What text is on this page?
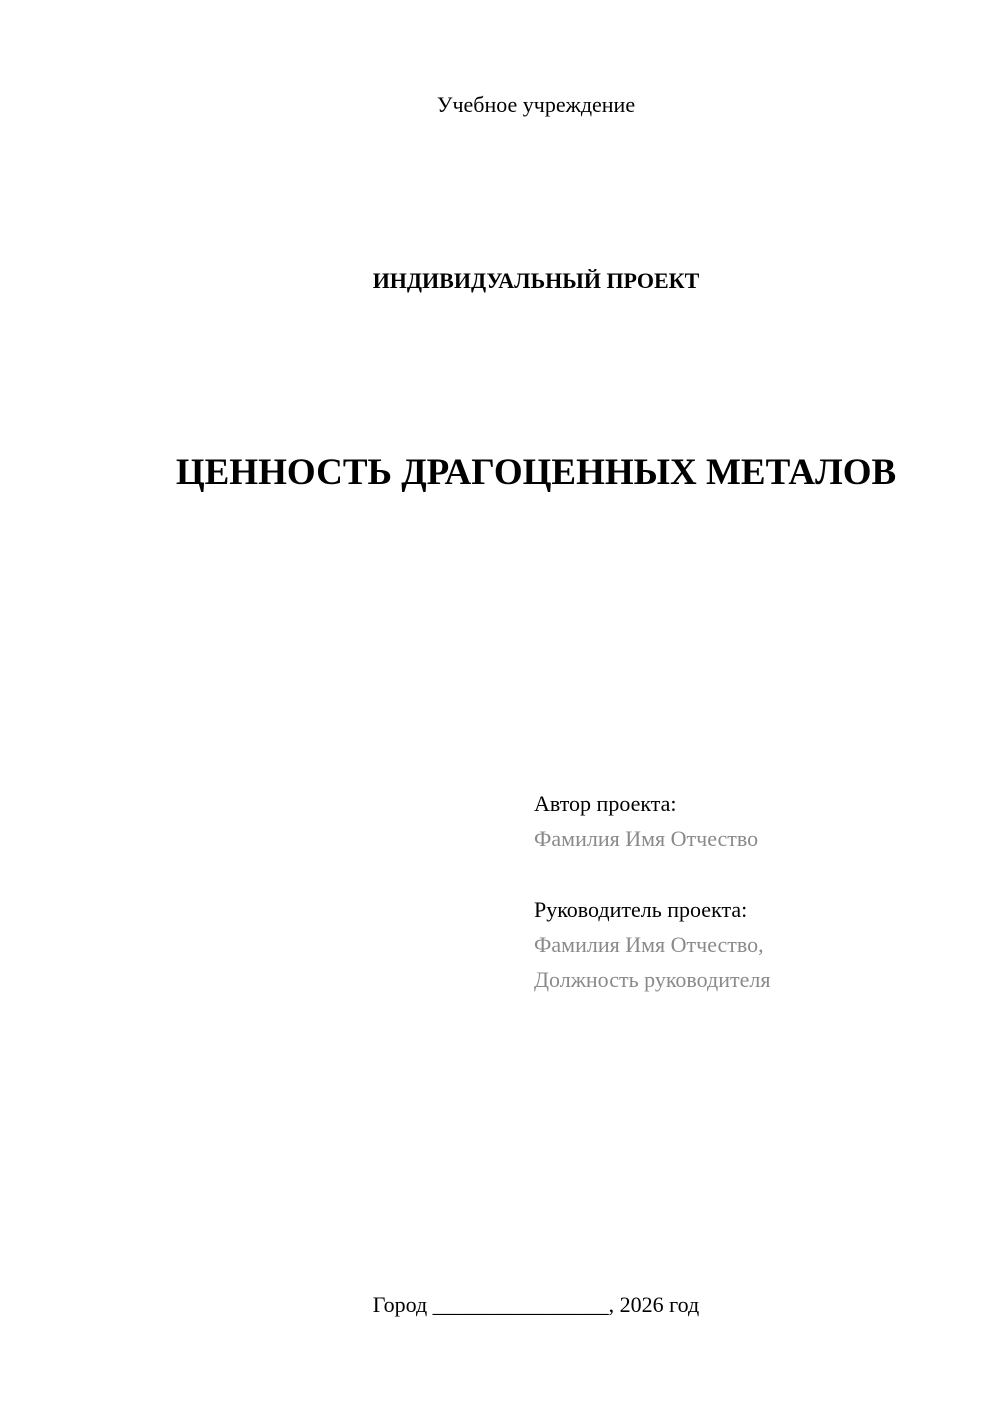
Учебное учреждение
ИНДИВИДУАЛЬНЫЙ ПРОЕКТ
ЦЕННОСТЬ ДРАГОЦЕННЫХ МЕТАЛОВ
Автор проекта:
Фамилия Имя Отчество
Руководитель проекта:
Фамилия Имя Отчество,
Должность руководителя
Город ________________, 2026 год
